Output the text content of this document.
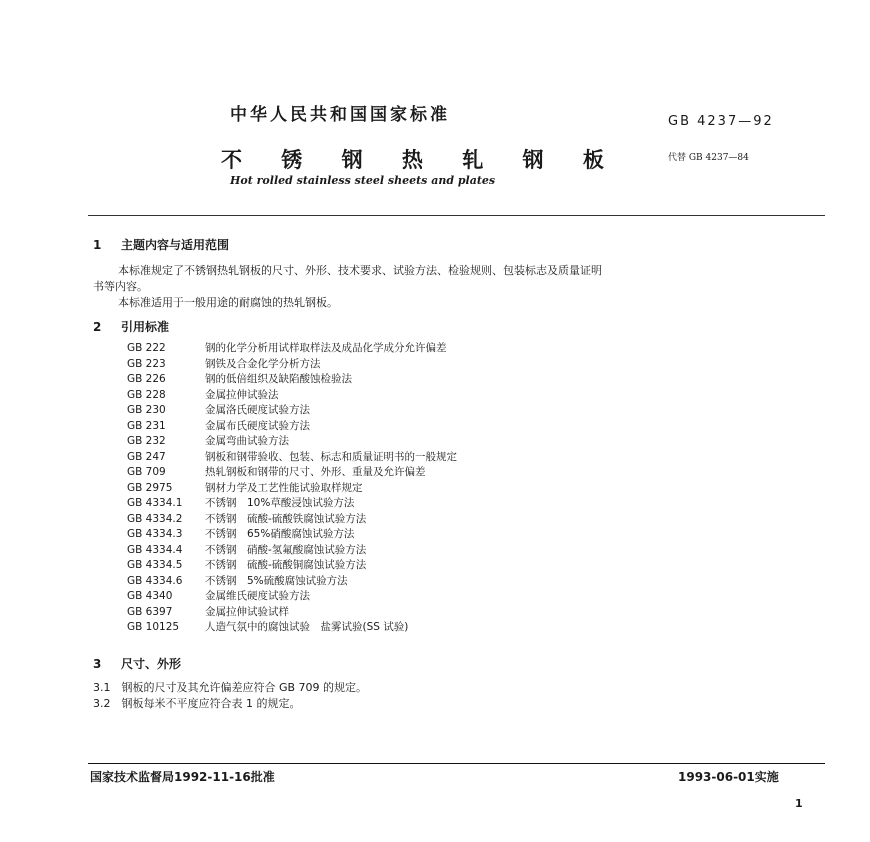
中华人民共和国国家标准	GB 4237—92
不 锈 钢 热 轧 钢 板	代替 GB 4237—84
Hot rolled stainless steel sheets and plates
1 主题内容与适用范围
本标准规定了不锈钢热轧钢板的尺寸、外形、技术要求、试验方法、检验规则、包装标志及质量证明
书等内容。
本标准适用于一般用途的耐腐蚀的热轧钢板。
2 引用标准
GB 222	钢的化学分析用试样取样法及成品化学成分允许偏差
GB 223	钢铁及合金化学分析方法
GB 226	钢的低倍组织及缺陷酸蚀检验法
GB 228	金属拉伸试验法
GB 230	金属洛氏硬度试验方法
GB 231	金属布氏硬度试验方法
GB 232	金属弯曲试验方法
GB 247	钢板和钢带验收、包装、标志和质量证明书的一般规定
GB 709	热轧钢板和钢带的尺寸、外形、重量及允许偏差
GB 2975	钢材力学及工艺性能试验取样规定
GB 4334.1 不锈钢　10%草酸浸蚀试验方法
GB 4334.2 不锈钢　硫酸-硫酸铁腐蚀试验方法
GB 4334.3 不锈钢　65%硝酸腐蚀试验方法
GB 4334.4 不锈钢　硝酸-氢氟酸腐蚀试验方法
GB 4334.5 不锈钢　硫酸-硫酸铜腐蚀试验方法
GB 4334.6 不锈钢　5%硫酸腐蚀试验方法
GB 4340	金属维氏硬度试验方法
GB 6397	金属拉伸试验试样
GB 10125 人造气氛中的腐蚀试验　盐雾试验(SS 试验)
3 尺寸、外形
3.1　钢板的尺寸及其允许偏差应符合 GB 709 的规定。
3.2　钢板每米不平度应符合表 1 的规定。
国家技术监督局1992-11-16批准	1993-06-01实施
1
